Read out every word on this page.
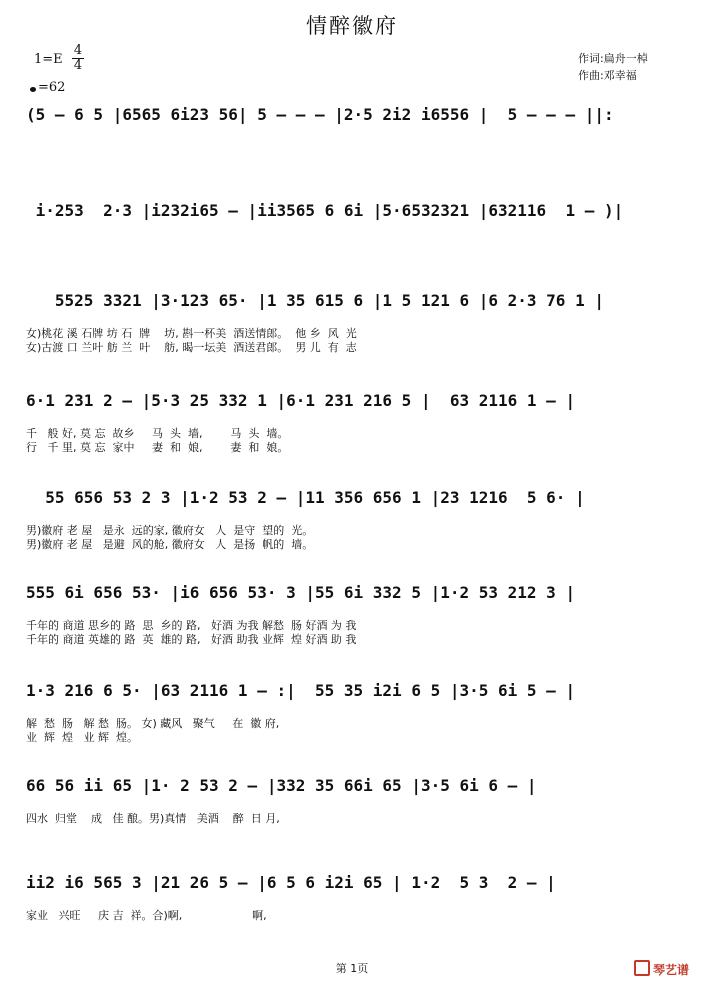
情醉徽府
1=E
4
4
=62
作词:扁舟一棹
作曲:邓幸福
(5 — 6 5 |6565 6i23 56| 5 — — — |2·5 2i2 i6556 |  5 — — — ||:
i·253  2·3 |i232i65 — |ii3565 6 6i |5·6532321 |632116  1 — )|
5525 3321 |3·123 65· |1 35 615 6 |1 5 121 6 |6 2·3 76 1 |
女)桃花 溪 石牌 坊 石  牌    坊, 斟一杯美  酒送情郎。  他 乡  风  光
女)古渡 口 兰叶 舫 兰  叶    舫, 暍一坛美  酒送君郎。  男 儿  有  志
6·1 231 2 — |5·3 25 332 1 |6·1 231 216 5 |  63 2116 1 — |
千   般 好, 莫 忘  故乡     马  头  墙,        马  头  墙。
行   千 里, 莫 忘  家中     妻  和  娘,        妻  和  娘。
55 656 53 2 3 |1·2 53 2 — |11 356 656 1 |23 1216  5 6· |
男)徽府 老 屋   是永  远的家, 徽府女   人  是守  望的  光。
男)徽府 老 屋   是避  风的舱, 徽府女   人  是扬  帆的  墙。
555 6i 656 53· |i6 656 53· 3 |55 6i 332 5 |1·2 53 212 3 |
千年的 商道 思乡的 路  思  乡的 路,   好酒 为我 解愁  肠 好酒 为 我
千年的 商道 英雄的 路  英  雄的 路,   好酒 助我 业辉  煌 好酒 助 我
1·3 216 6 5· |63 2116 1 — :|  55 35 i2i 6 5 |3·5 6i 5 — |
解  愁  肠   解 愁  肠。 女) 藏风   聚气     在  徽 府,
业  辉  煌   业 辉  煌。
66 56 ii 65 |1· 2 53 2 — |332 35 66i 65 |3·5 6i 6 — |
四水  归堂    成   佳 酿。男)真情   美酒    醉  日 月,
ii2 i6 565 3 |21 26 5 — |6 5 6 i2i 65 | 1·2  5 3  2 — |
家业   兴旺     庆 吉  祥。合)啊,                    啊,
第 1页	琴艺谱
